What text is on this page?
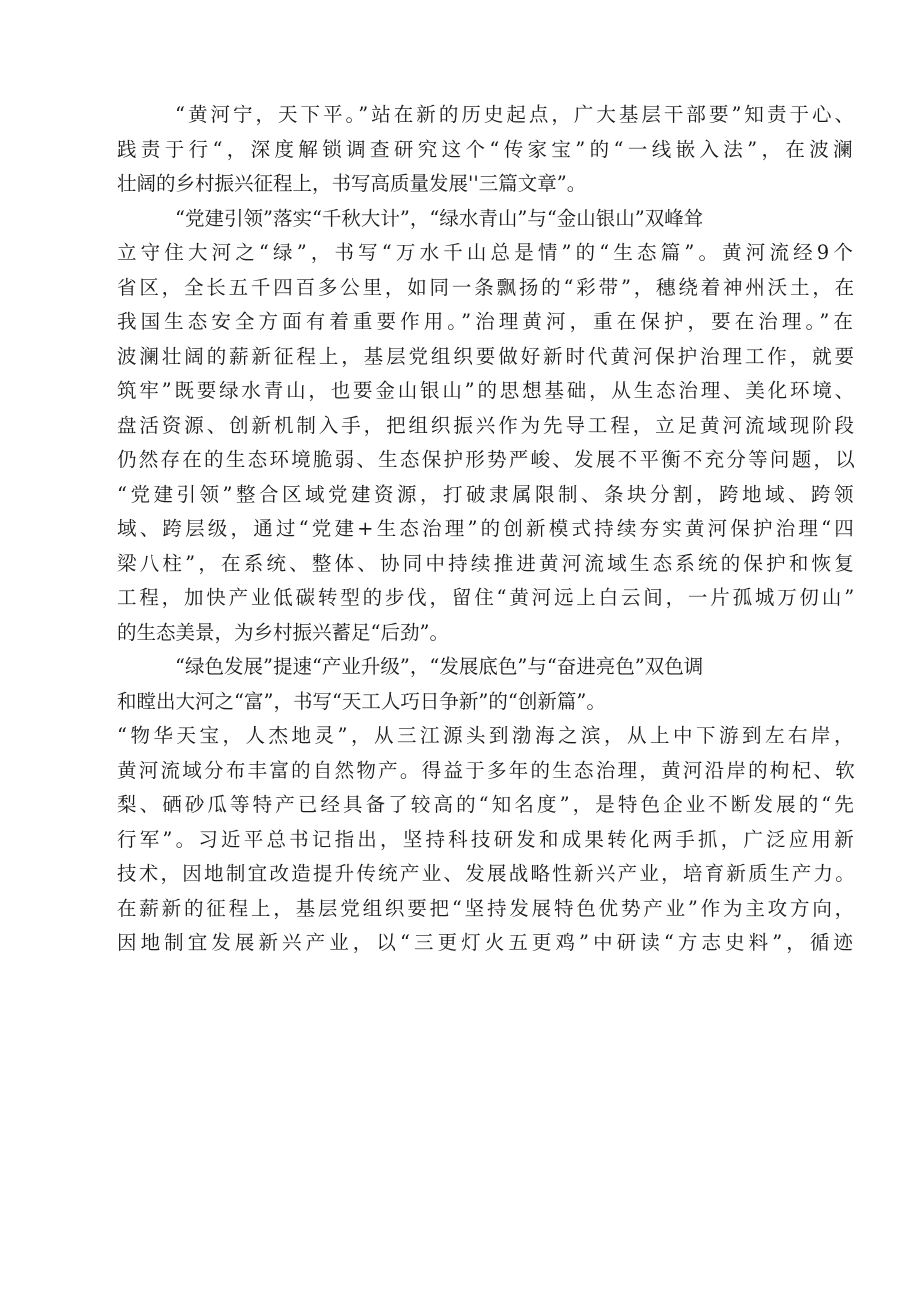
“黄河宁，天下平。”站在新的历史起点，广大基层干部要”知责于心、
践责于行“，深度解锁调查研究这个“传家宝”的“一线嵌入法”，在波澜
壮阔的乡村振兴征程上，书写高质量发展''三篇文章”。
“党建引领”落实“千秋大计”，“绿水青山”与“金山银山”双峰耸
立守住大河之“绿”，书写“万水千山总是情”的“生态篇”。黄河流经9个
省区，全长五千四百多公里，如同一条飘扬的“彩带”，穗绕着神州沃土，在
我国生态安全方面有着重要作用。”治理黄河，重在保护，要在治理。”在
波澜壮阔的薪新征程上，基层党组织要做好新时代黄河保护治理工作，就要
筑牢”既要绿水青山，也要金山银山”的思想基础，从生态治理、美化环境、
盘活资源、创新机制入手，把组织振兴作为先导工程，立足黄河流域现阶段
仍然存在的生态环境脆弱、生态保护形势严峻、发展不平衡不充分等问题，以
“党建引领”整合区域党建资源，打破隶属限制、条块分割，跨地域、跨领
域、跨层级，通过“党建+生态治理”的创新模式持续夯实黄河保护治理“四
梁八柱”，在系统、整体、协同中持续推进黄河流域生态系统的保护和恢复
工程，加快产业低碳转型的步伐，留住“黄河远上白云间，一片孤城万仞山”
的生态美景，为乡村振兴蓄足“后劲”。
“绿色发展”提速“产业升级”，“发展底色”与“奋进亮色”双色调
和瞠出大河之“富”，书写“天工人巧日争新”的“创新篇”。
“物华天宝，人杰地灵”，从三江源头到渤海之滨，从上中下游到左右岸，
黄河流域分布丰富的自然物产。得益于多年的生态治理，黄河沿岸的枸杞、软
梨、硒砂瓜等特产已经具备了较高的“知名度”，是特色企业不断发展的“先
行军”。习近平总书记指出，坚持科技研发和成果转化两手抓，广泛应用新
技术，因地制宜改造提升传统产业、发展战略性新兴产业，培育新质生产力。
在薪新的征程上，基层党组织要把“坚持发展特色优势产业”作为主攻方向，
因地制宜发展新兴产业，以“三更灯火五更鸡”中研读“方志史料”，循迹
